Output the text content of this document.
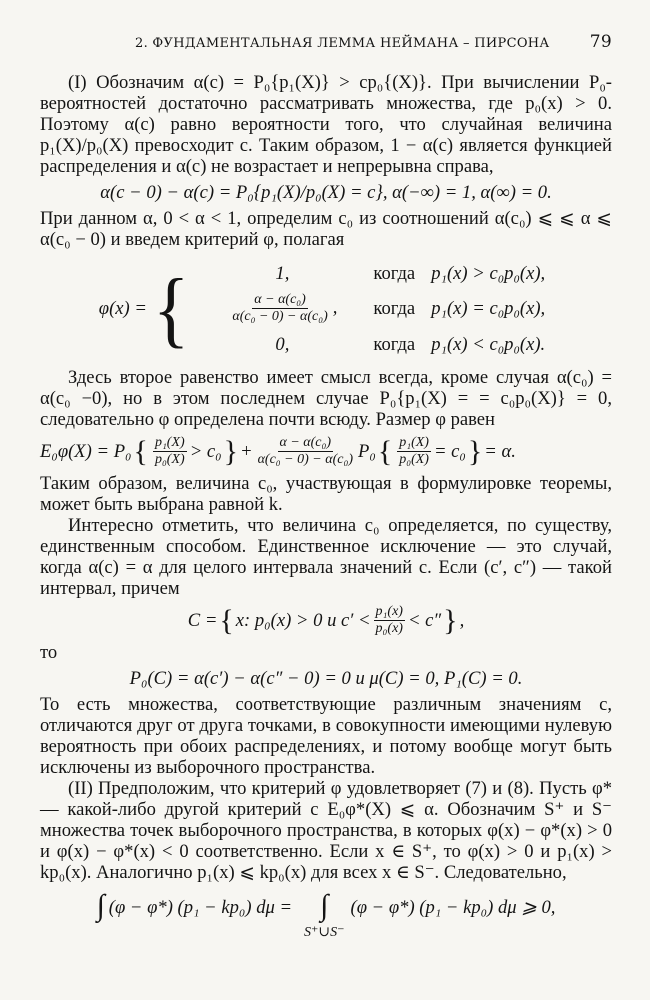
2. ФУНДАМЕНТАЛЬНАЯ ЛЕММА НЕЙМАНА – ПИРСОНА 79

(I) Обозначим α(c) = P₀{p₁(X)} > cp₀{(X)}. При вычислении P₀-вероятностей достаточно рассматривать множества, где p₀(x) > 0. Поэтому α(c) равно вероятности того, что случайная величина p₁(X)/p₀(X) превосходит c. Таким образом, 1 − α(c) является функцией распределения и α(c) не возрастает и непрерывна справа,

α(c − 0) − α(c) = P₀{p₁(X)/p₀(X) = c}, α(−∞) = 1, α(∞) = 0.

При данном α, 0 < α < 1, определим c₀ из соотношений α(c₀) ⩽ ⩽ α ⩽ α(c₀ − 0) и введем критерий φ, полагая

φ(x) = {	1,	когда	p₁(x) > c₀p₀(x),

$\frac{\text{α − α(c₀)}}{\text{α(c₀ − 0) − α(c₀)}}$ ,	когда	p₁(x) = c₀p₀(x),
0,	когда	p₁(x) < c₀p₀(x).

Здесь второе равенство имеет смысл всегда, кроме случая α(c₀) = α(c₀ −0), но в этом последнем случае P₀{p₁(X) = = c₀p₀(X)} = 0, следовательно φ определена почти всюду. Размер φ равен

E₀φ(X) = P₀ { $\frac{\text{p₁(X)}}{\text{p₀(X)}} > c_0$ } + $\frac{\text{α − α(c₀)}}{\text{α(c₀ − 0) − α(c₀)}} P_0$ { $\frac{\text{p₁(X)}}{\text{p₀(X)}} = c_0$ } = α.

Таким образом, величина c₀, участвующая в формулировке теоремы, может быть выбрана равной k.

Интересно отметить, что величина c₀ определяется, по существу, единственным способом. Единственное исключение — это случай, когда α(c) = α для целого интервала значений c. Если (c′, c″) — такой интервал, причем

C = { x: p₀(x) > 0 и $c' < \frac{\text{p₁(x)}}{\text{p₀(x)}} < c''$ } ,

то

P₀(C) = α(c′) − α(c″ − 0) = 0 и μ(C) = 0, P₁(C) = 0.

То есть множества, соответствующие различным значениям c, отличаются друг от друга точками, в совокупности имеющими нулевую вероятность при обоих распределениях, и потому вообще могут быть исключены из выборочного пространства.

(II) Предположим, что критерий φ удовлетворяет (7) и (8). Пусть φ* — какой-либо другой критерий с E₀φ*(X) ⩽ α. Обозначим S⁺ и S⁻ множества точек выборочного пространства, в которых φ(x) − φ*(x) > 0 и φ(x) − φ*(x) < 0 соответственно. Если x ∈ S⁺, то φ(x) > 0 и p₁(x) > kp₀(x). Аналогично p₁(x) ⩽ kp₀(x) для всех x ∈ S⁻. Следовательно,

∫ (φ − φ*) (p₁ − kp₀) dμ = ∫
S⁺∪S⁻
(φ − φ*) (p₁ − kp₀) dμ ⩾ 0,
